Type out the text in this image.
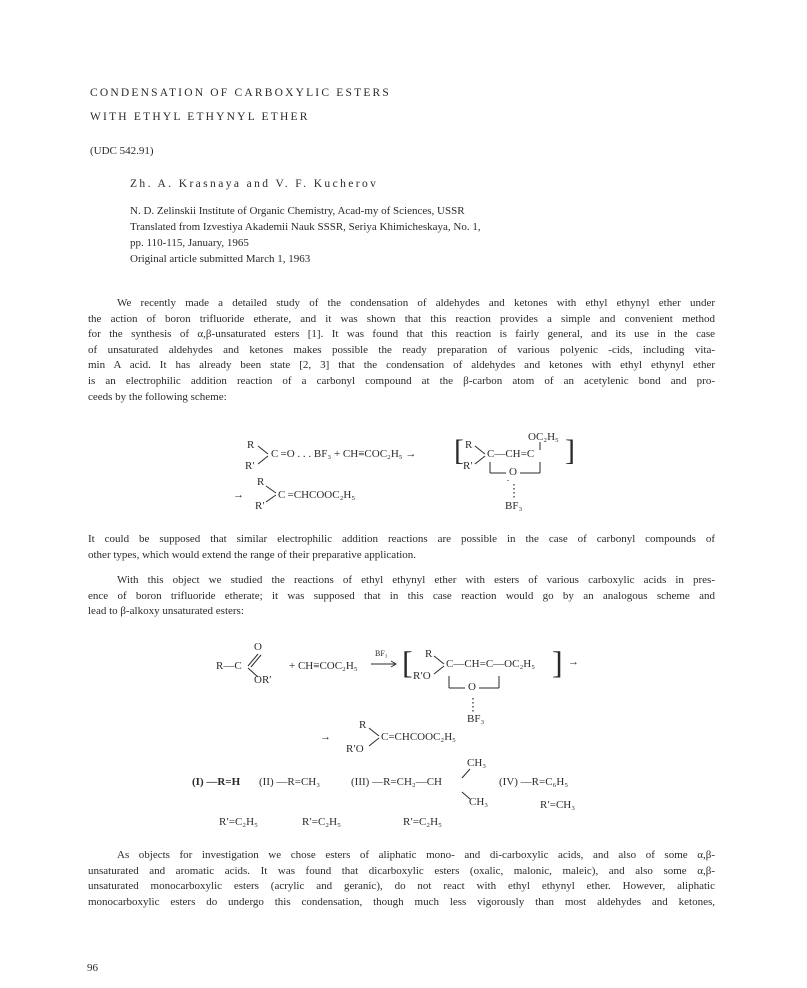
CONDENSATION OF CARBOXYLIC ESTERS
WITH ETHYL ETHYNYL ETHER
(UDC 542.91)
Zh. A. Krasnaya and V. F. Kucherov
N. D. Zelinskii Institute of Organic Chemistry, Acad‐my of Sciences, USSR
Translated from Izvestiya Akademii Nauk SSSR, Seriya Khimicheskaya, No. 1,
pp. 110-115, January, 1965
Original article submitted March 1, 1963
We recently made a detailed study of the condensation of aldehydes and ketones with ethyl ethynyl ether under
the action of boron trifluoride etherate, and it was shown that this reaction provides a simple and convenient method
for the synthesis of α,β-unsaturated esters [1]. It was found that this reaction is fairly general, and its use in the case
of unsaturated aldehydes and ketones makes possible the ready preparation of various polyenic ‐cids, including vita-
min A acid. It has already been state [2, 3] that the condensation of aldehydes and ketones with ethyl ethynyl ether
is an electrophilic addition reaction of a carbonyl compound at the β-carbon atom of an acetylenic bond and pro-
ceeds by the following scheme:
R
R′
C =O . . . BF₃ + CH≡COC₂H₅ → [ R
R′
C—CH=C
OC₂H₅
O
]
BF₃
R
→	C =CHCOOC₂H₅
R′
It could be supposed that similar electrophilic addition reactions are possible in the case of carbonyl compounds of
other types, which would extend the range of their preparative application.
With this object we studied the reactions of ethyl ethynyl ether with esters of various carboxylic acids in pres-
ence of boron trifluoride etherate; it was supposed that in this case reaction would go by an analogous scheme and
lead to β-alkoxy unsaturated esters:
O
R—C
OR′
+ CH≡COC₂H₅
BF₃ [ R
R′O
C—CH=C—OC₂H₅
O
] →
BF₃
R
→	C=CHCOOC₂H₅
R′O
CH₃
(I) —R=H (II) —R=CH₃	(III) —R=CH₂—CH	(IV) —R=C₆H₅
CH₃	R′=CH₃
R′=C₂H₅	R′=C₂H₅	R′=C₂H₅
As objects for investigation we chose esters of aliphatic mono- and di-carboxylic acids, and also of some α,β-
unsaturated and aromatic acids. It was found that dicarboxylic esters (oxalic, malonic, maleic), and also some α,β-
unsaturated monocarboxylic esters (acrylic and geranic), do not react with ethyl ethynyl ether. However, aliphatic
monocarboxylic esters do undergo this condensation, though much less vigorously than most aldehydes and ketones,
96
